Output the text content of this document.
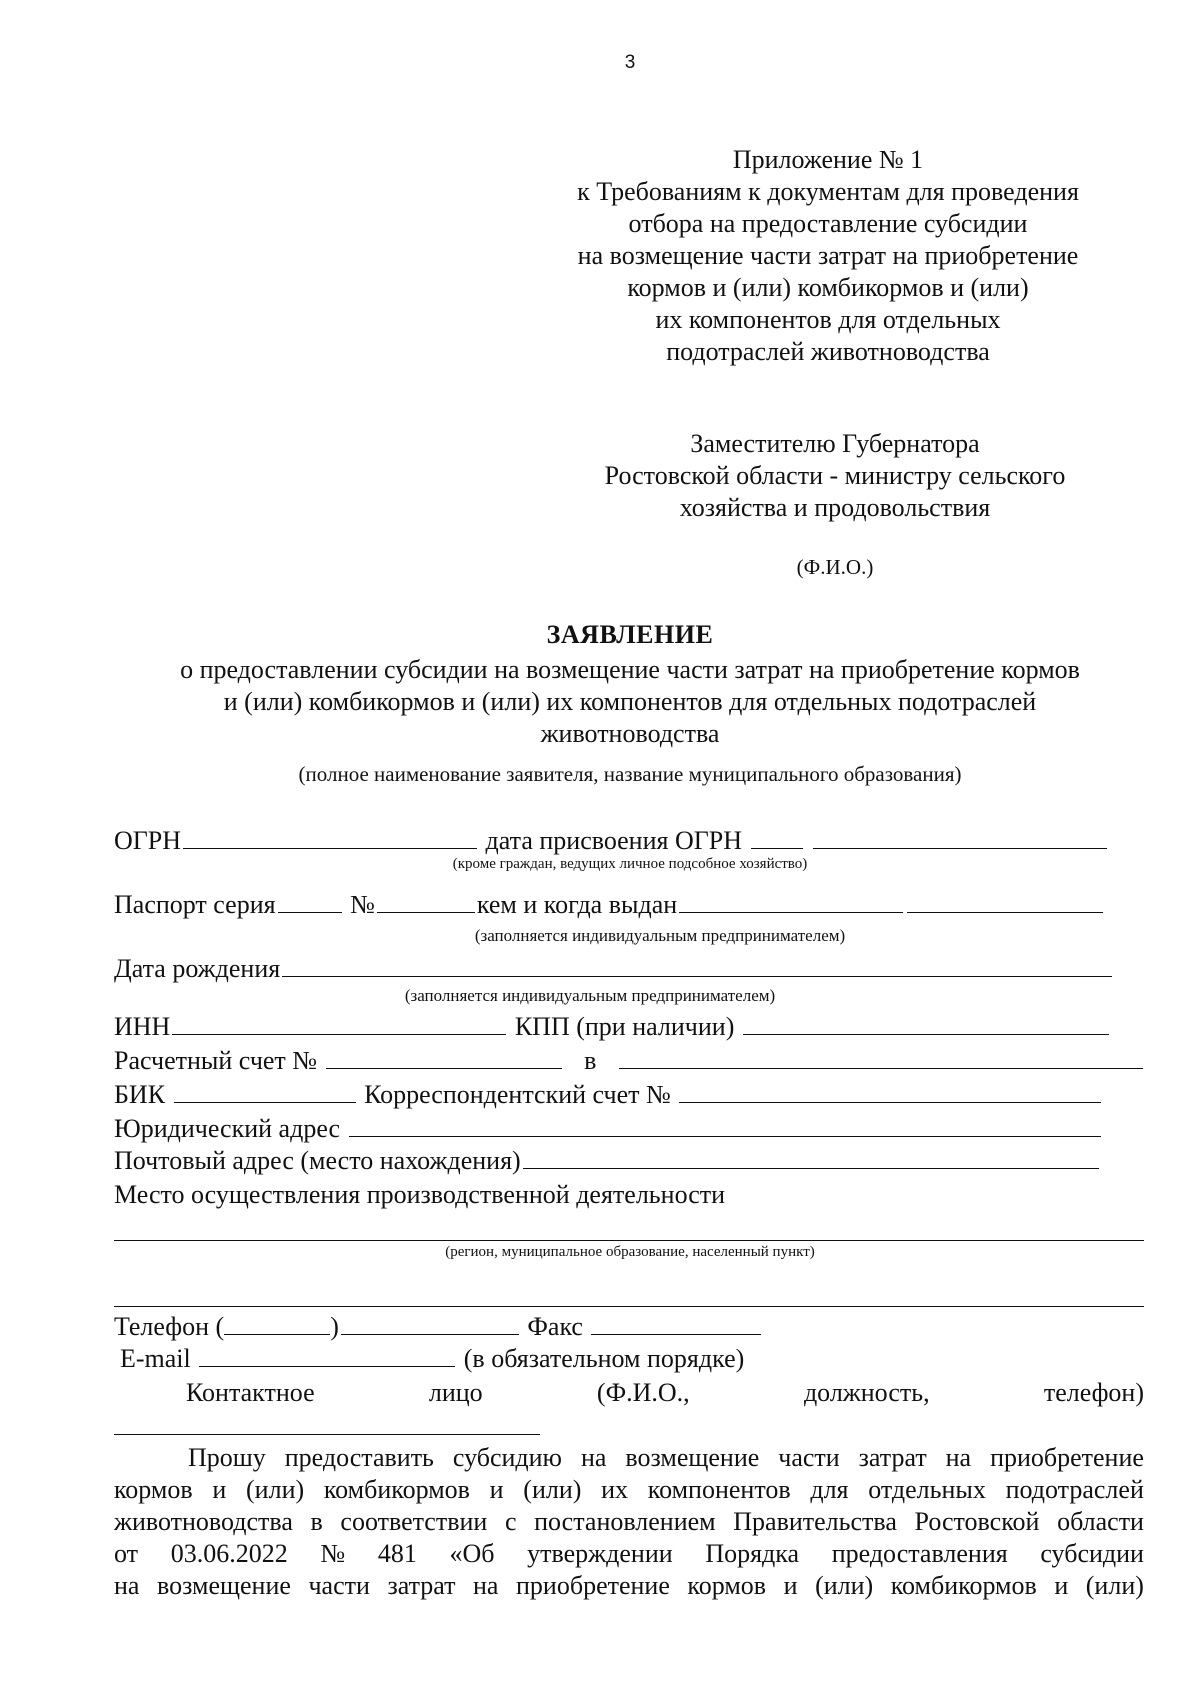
3
Приложение № 1
к Требованиям к документам для проведения
отбора на предоставление субсидии
на возмещение части затрат на приобретение
кормов и (или) комбикормов и (или)
их компонентов для отдельных
подотраслей животноводства
Заместителю Губернатора
Ростовской области - министру сельского
хозяйства и продовольствия
(Ф.И.О.)
ЗАЯВЛЕНИЕ
о предоставлении субсидии на возмещение части затрат на приобретение кормов
и (или) комбикормов и (или) их компонентов для отдельных подотраслей
животноводства
(полное наименование заявителя, название муниципального образования)
ОГРН	дата присвоения ОГРН
(кроме граждан, ведущих личное подсобное хозяйство)
Паспорт серия	№	кем и когда выдан
(заполняется индивидуальным предпринимателем)
Дата рождения
(заполняется индивидуальным предпринимателем)
ИНН	КПП (при наличии)
Расчетный счет №	в
БИК	Корреспондентский счет №
Юридический адрес
Почтовый адрес (место нахождения)
Место осуществления производственной деятельности
(регион, муниципальное образование, населенный пункт)
Телефон (	)	Факс
E-mail	(в обязательном порядке)
Контактное	лицо	(Ф.И.О.,	должность,	телефон)
Прошу предоставить субсидию на возмещение части затрат на приобретение
кормов и (или) комбикормов и (или) их компонентов для отдельных подотраслей
животноводства в соответствии с постановлением Правительства Ростовской области
от 03.06.2022 № 481 «Об утверждении Порядка предоставления субсидии
на возмещение части затрат на приобретение кормов и (или) комбикормов и (или)
